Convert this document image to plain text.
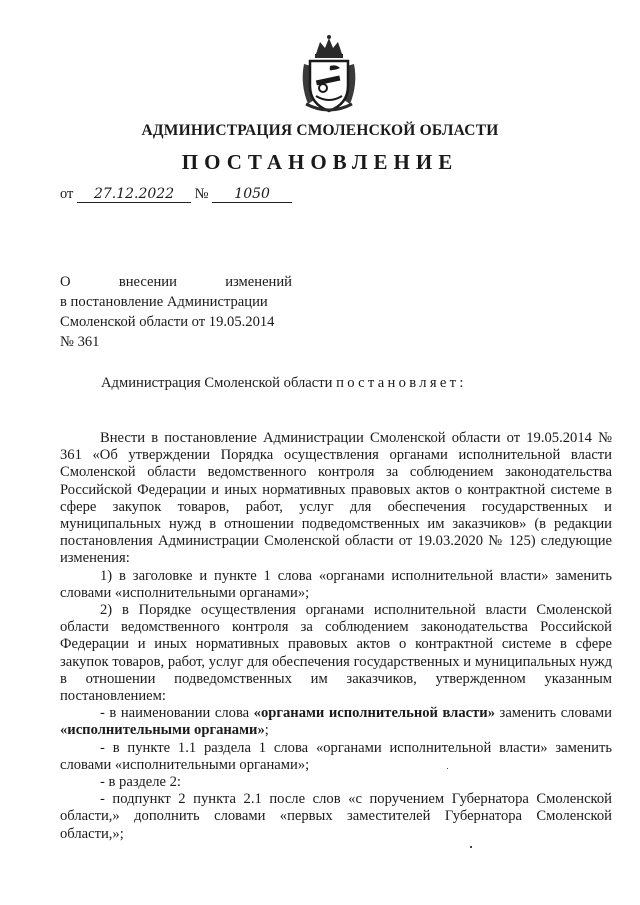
АДМИНИСТРАЦИЯ СМОЛЕНСКОЙ ОБЛАСТИ
ПОСТАНОВЛЕНИЕ
от 27.12.2022 № 1050
О	внесении	изменений
в постановление Администрации
Смоленской области от 19.05.2014
№ 361
Администрация Смоленской области постановляет:

Внести в постановление Администрации Смоленской области от 19.05.2014 № 361 «Об утверждении Порядка осуществления органами исполнительной власти Смоленской области ведомственного контроля за соблюдением законодательства Российской Федерации и иных нормативных правовых актов о контрактной системе в сфере закупок товаров, работ, услуг для обеспечения государственных и муниципальных нужд в отношении подведомственных им заказчиков» (в редакции постановления Администрации Смоленской области от 19.03.2020 № 125) следующие изменения:

1) в заголовке и пункте 1 слова «органами исполнительной власти» заменить словами «исполнительными органами»;

2) в Порядке осуществления органами исполнительной власти Смоленской области ведомственного контроля за соблюдением законодательства Российской Федерации и иных нормативных правовых актов о контрактной системе в сфере закупок товаров, работ, услуг для обеспечения государственных и муниципальных нужд в отношении подведомственных им заказчиков, утвержденном указанным постановлением:

- в наименовании слова «органами исполнительной власти» заменить словами «исполнительными органами»;

- в пункте 1.1 раздела 1 слова «органами исполнительной власти» заменить словами «исполнительными органами»;

- в разделе 2:

- подпункт 2 пункта 2.1 после слов «с поручением Губернатора Смоленской области,» дополнить словами «первых заместителей Губернатора Смоленской области,»;
